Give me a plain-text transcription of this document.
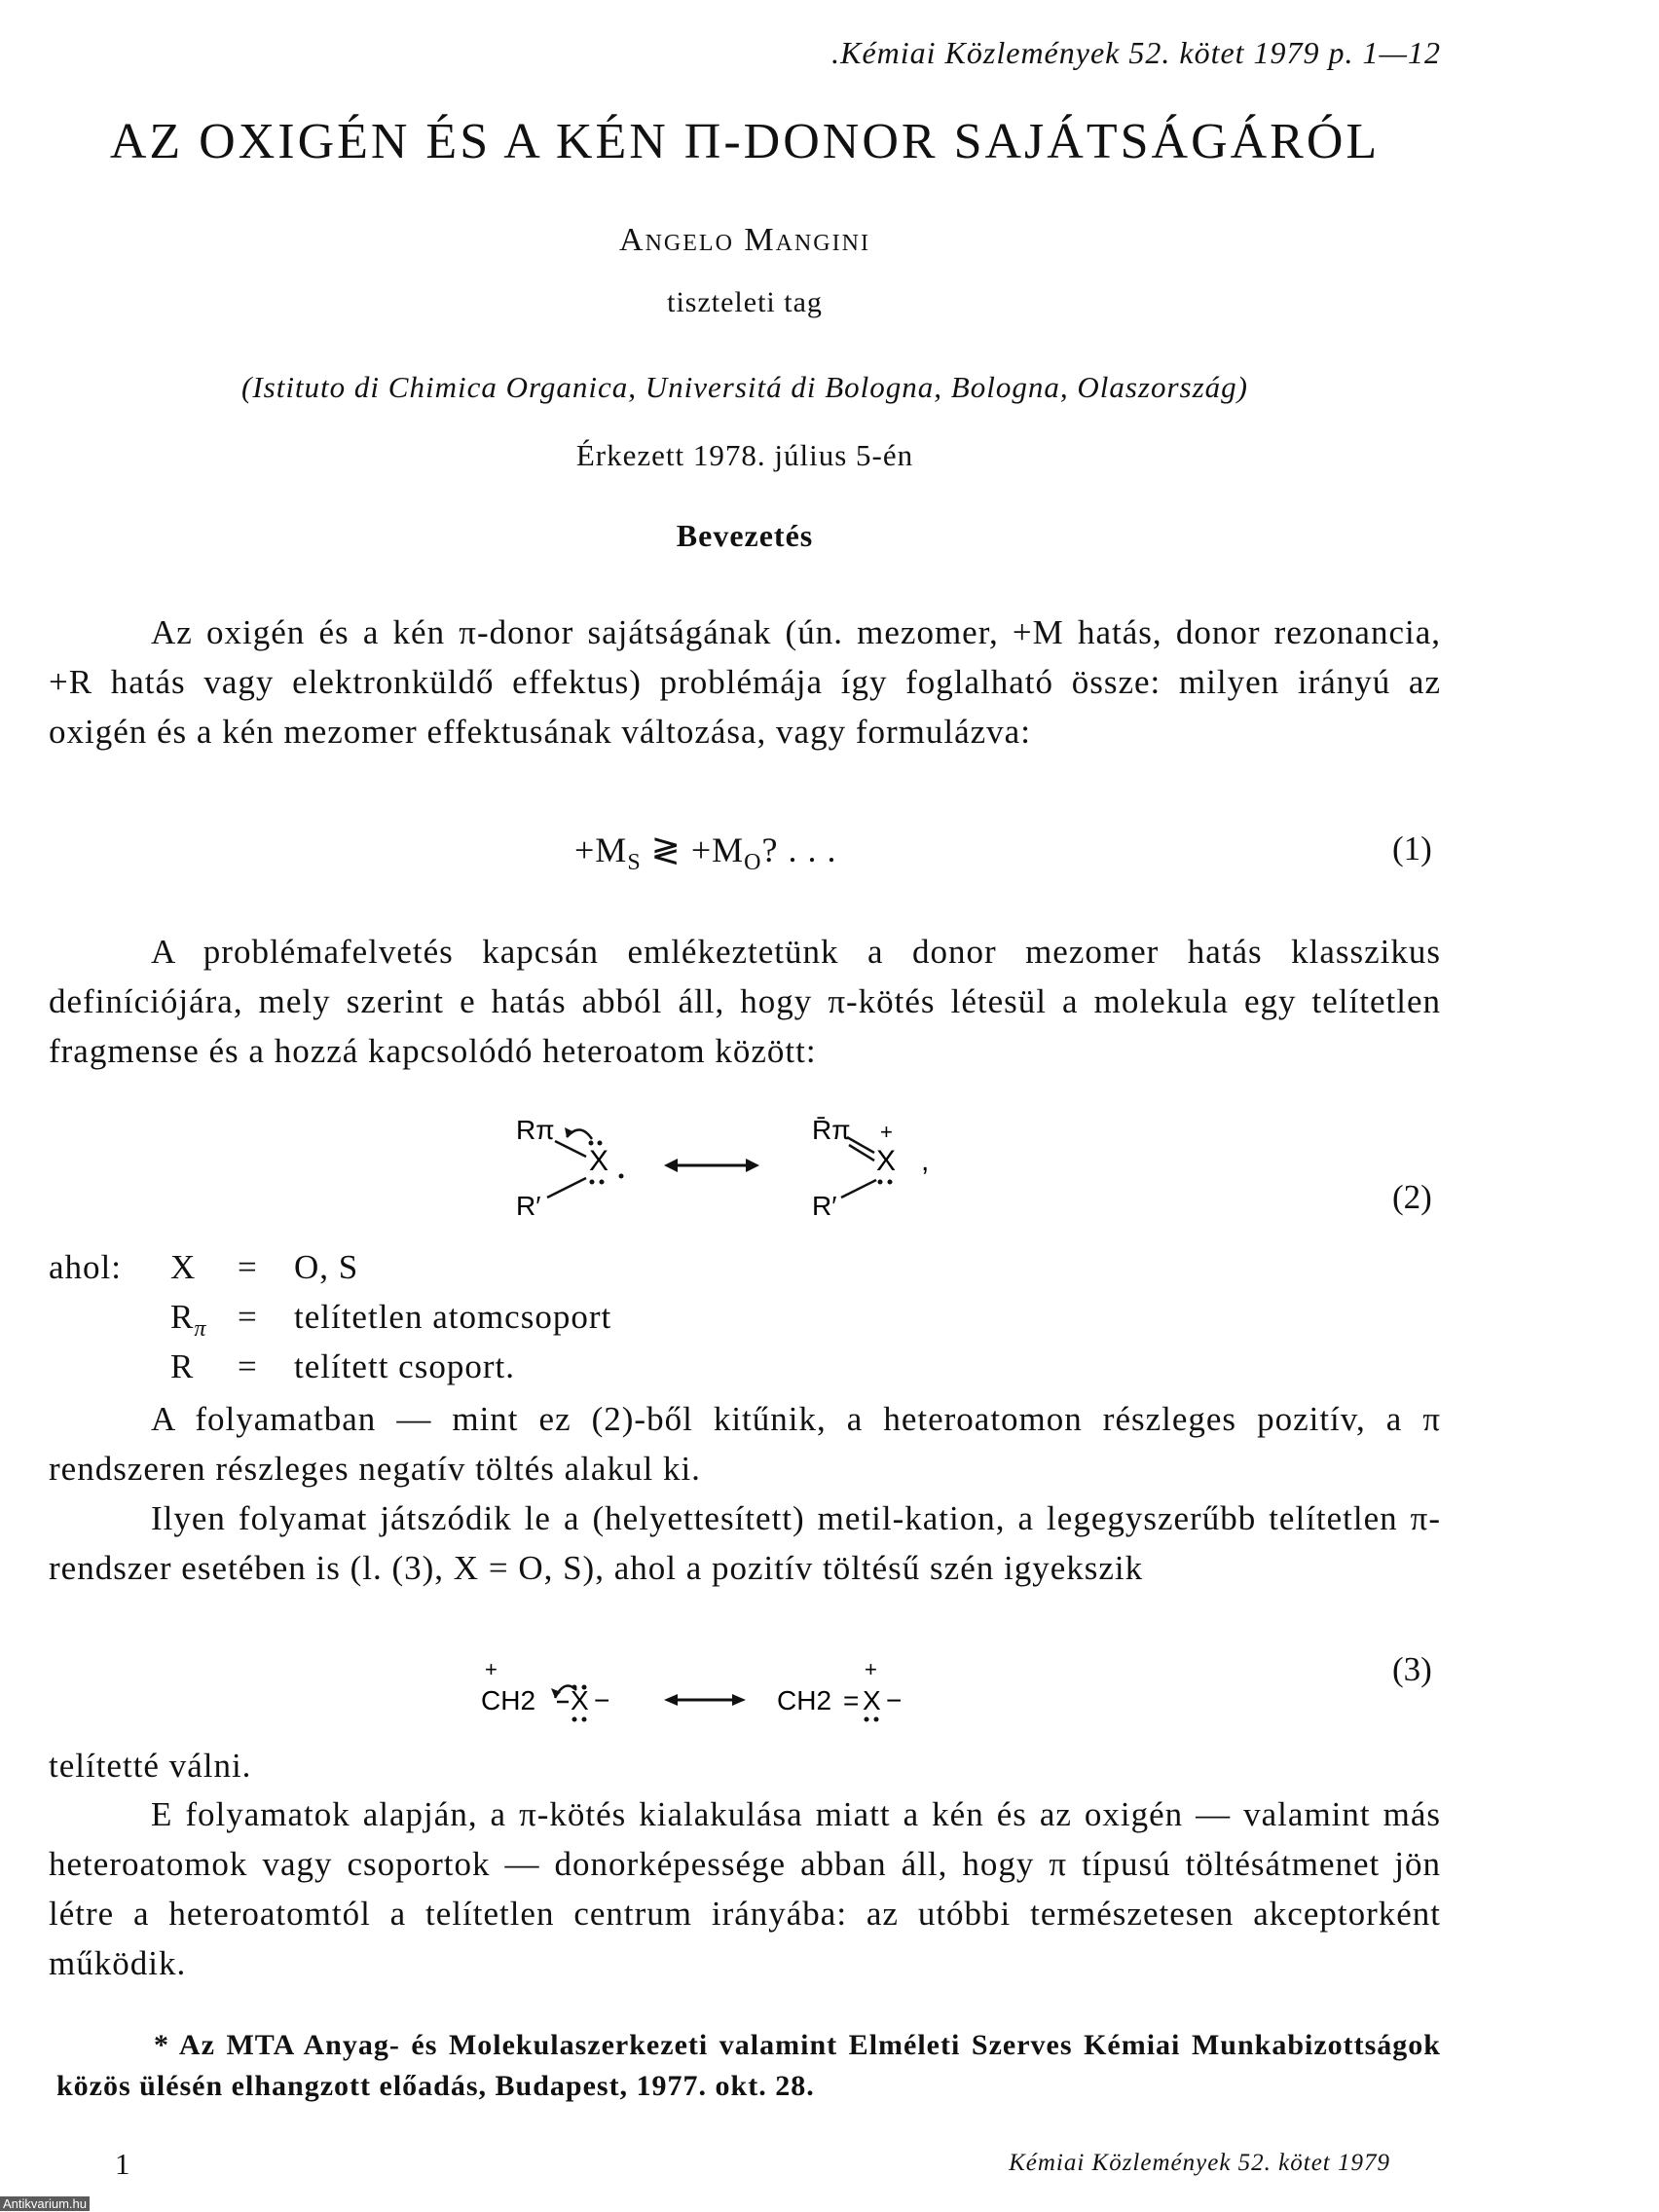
.Kémiai Közlemények 52. kötet 1979 p. 1—12
AZ OXIGÉN ÉS A KÉN Π-DONOR SAJÁTSÁGÁRÓL
Angelo Mangini
tiszteleti tag
(Istituto di Chimica Organica, Universitá di Bologna, Bologna, Olaszország)
Érkezett 1978. július 5-én
Bevezetés
Az oxigén és a kén π-donor sajátságának (ún. mezomer, +M hatás, donor rezonancia, +R hatás vagy elektronküldő effektus) problémája így foglalható össze: milyen irányú az oxigén és a kén mezomer effektusának változása, vagy formulázva:
$+M_S$ ≷ $+M_O$? . . .	(1)
A problémafelvetés kapcsán emlékeztetünk a donor mezomer hatás klasszikus definíciójára, mely szerint e hatás abból áll, hogy π-kötés létesül a molekula egy telítetlen fragmense és a hozzá kapcsolódó heteroatom között:
Rπ
X
R′
R̄π +
X
R′
,
(2)
ahol: X = O, S
$R_\pi$ = telítetlen atomcsoport
R = telített csoport.
A folyamatban — mint ez (2)-ből kitűnik, a heteroatomon részleges pozitív, a π rendszeren részleges negatív töltés alakul ki.
Ilyen folyamat játszódik le a (helyettesített) metil-kation, a legegyszerűbb telítetlen π-rendszer esetében is (l. (3), X = O, S), ahol a pozitív töltésű szén igyekszik
+
CH2 X −	CH2 =
+
X −
(3)
telítetté válni.
E folyamatok alapján, a π-kötés kialakulása miatt a kén és az oxigén — valamint más heteroatomok vagy csoportok — donorképessége abban áll, hogy π típusú töltésátmenet jön létre a heteroatomtól a telítetlen centrum irányába: az utóbbi természetesen akceptorként működik.
* Az MTA Anyag- és Molekulaszerkezeti valamint Elméleti Szerves Kémiai Munkabizottságok közös ülésén elhangzott előadás, Budapest, 1977. okt. 28.
1	Kémiai Közlemények 52. kötet 1979
Antikvarium.hu
